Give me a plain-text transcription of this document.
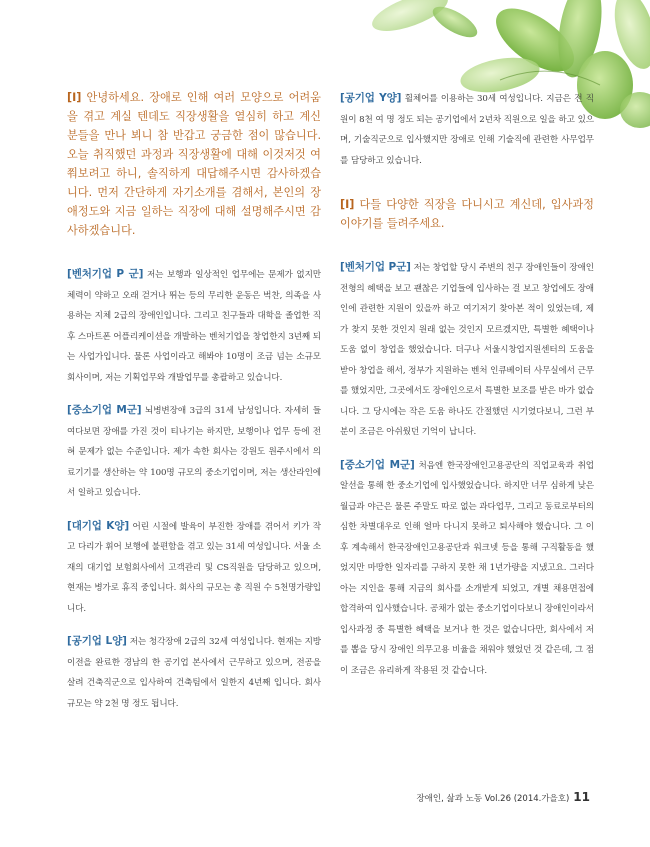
[I] 안녕하세요. 장애로 인해 여러 모양으로 어려움을 겪고 계실 텐데도 직장생활을 열심히 하고 계신 분들을 만나 뵈니 참 반갑고 궁금한 점이 많습니다. 오늘 취직했던 과정과 직장생활에 대해 이것저것 여쭤보려고 하니, 솔직하게 대답해주시면 감사하겠습니다. 먼저 간단하게 자기소개를 겸해서, 본인의 장애정도와 지금 일하는 직장에 대해 설명해주시면 감사하겠습니다.

[벤처기업 P 군] 저는 보행과 일상적인 업무에는 문제가 없지만 체력이 약하고 오래 걷거나 뛰는 등의 무리한 운동은 벅찬, 의족을 사용하는 지체 2급의 장애인입니다. 그리고 친구들과 대학을 졸업한 직 후 스마트폰 어플리케이션을 개발하는 벤처기업을 창업한지 3년째 되는 사업가입니다. 물론 사업이라고 해봐야 10명이 조금 넘는 소규모 회사이며, 저는 기획업무와 개발업무를 총괄하고 있습니다.

[중소기업 M군] 뇌병변장애 3급의 31세 남성입니다. 자세히 들여다보면 장애를 가진 것이 티나기는 하지만, 보행이나 업무 등에 전혀 문제가 없는 수준입니다. 제가 속한 회사는 강원도 원주시에서 의료기기를 생산하는 약 100명 규모의 중소기업이며, 저는 생산라인에서 일하고 있습니다.

[대기업 K양] 어린 시절에 발육이 부진한 장애를 겪어서 키가 작고 다리가 휘어 보행에 불편함을 겪고 있는 31세 여성입니다. 서울 소재의 대기업 보험회사에서 고객관리 및 CS직원을 담당하고 있으며, 현재는 병가로 휴직 중입니다. 회사의 규모는 총 직원 수 5천명가량입니다.

[공기업 L양] 저는 청각장애 2급의 32세 여성입니다. 현재는 지방이전을 완료한 경남의 한 공기업 본사에서 근무하고 있으며, 전공을 살려 건축직군으로 입사하여 건축팀에서 일한지 4년째 입니다. 회사규모는 약 2천 명 정도 됩니다.

[공기업 Y양] 휠체어를 이용하는 30세 여성입니다. 지금은 전 직원이 8천 여 명 정도 되는 공기업에서 2년차 직원으로 일을 하고 있으며, 기술직군으로 입사했지만 장애로 인해 기술직에 관련한 사무업무를 담당하고 있습니다.

[I] 다들 다양한 직장을 다니시고 계신데, 입사과정 이야기를 들려주세요.

[벤처기업 P군] 저는 창업할 당시 주변의 친구 장애인들이 장애인 전형의 혜택을 보고 괜찮은 기업들에 입사하는 걸 보고 창업에도 장애인에 관련한 지원이 있을까 하고 여기저기 찾아본 적이 있었는데, 제가 찾지 못한 것인지 원래 없는 것인지 모르겠지만, 특별한 혜택이나 도움 없이 창업을 했었습니다. 더구나 서울시창업지원센터의 도움을 받아 창업을 해서, 정부가 지원하는 벤처 인큐베이터 사무실에서 근무를 했었지만, 그곳에서도 장애인으로서 특별한 보조를 받은 바가 없습니다. 그 당시에는 작은 도움 하나도 간절했던 시기였다보니, 그런 부분이 조금은 아쉬웠던 기억이 납니다.

[중소기업 M군] 처음엔 한국장애인고용공단의 직업교육과 취업알선을 통해 한 중소기업에 입사했었습니다. 하지만 너무 심하게 낮은 월급과 야근은 물론 주말도 따로 없는 과다업무, 그리고 동료로부터의 심한 차별대우로 인해 얼마 다니지 못하고 퇴사해야 했습니다. 그 이후 계속해서 한국장애인고용공단과 워크넷 등을 통해 구직활동을 했었지만 마땅한 일자리를 구하지 못한 채 1년가량을 지냈고요. 그러다 아는 지인을 통해 지금의 회사를 소개받게 되었고, 개별 채용면접에 합격하여 입사했습니다. 공채가 없는 중소기업이다보니 장애인이라서 입사과정 중 특별한 혜택을 보거나 한 것은 없습니다만, 회사에서 저를 뽑을 당시 장애인 의무고용 비율을 채워야 했었던 것 같은데, 그 점이 조금은 유리하게 작용된 것 같습니다.

장애인, 삶과 노동 Vol.26 (2014.가을호) 11
